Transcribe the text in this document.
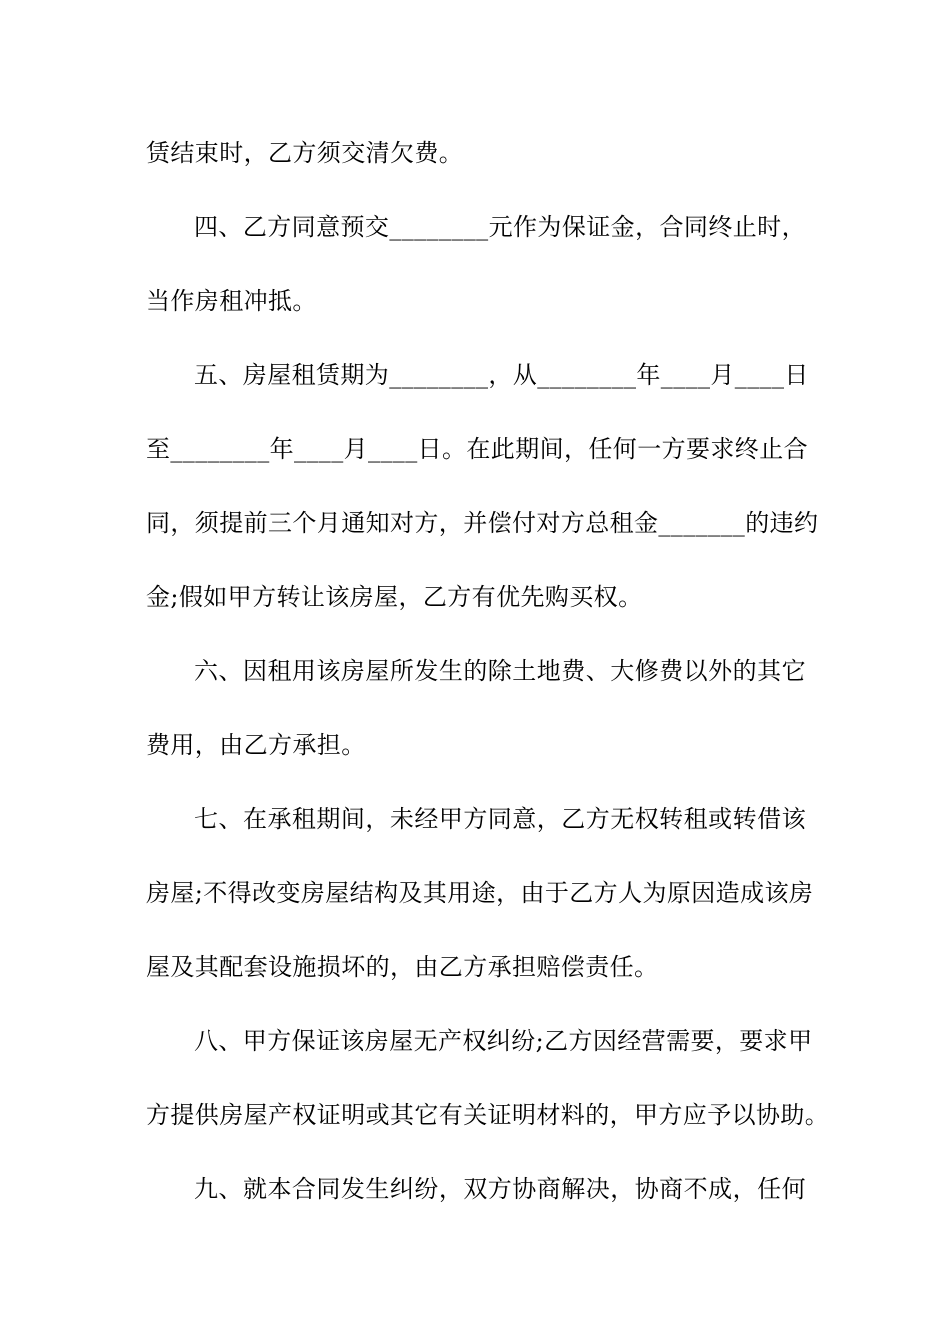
赁结束时，乙方须交清欠费。
四、乙方同意预交________元作为保证金，合同终止时，
当作房租冲抵。
五、房屋租赁期为________，从________年____月____日
至________年____月____日。在此期间，任何一方要求终止合
同，须提前三个月通知对方，并偿付对方总租金_______的违约
金;假如甲方转让该房屋，乙方有优先购买权。
六、因租用该房屋所发生的除土地费、大修费以外的其它
费用，由乙方承担。
七、在承租期间，未经甲方同意，乙方无权转租或转借该
房屋;不得改变房屋结构及其用途，由于乙方人为原因造成该房
屋及其配套设施损坏的，由乙方承担赔偿责任。
八、甲方保证该房屋无产权纠纷;乙方因经营需要，要求甲
方提供房屋产权证明或其它有关证明材料的，甲方应予以协助。
九、就本合同发生纠纷，双方协商解决，协商不成，任何
